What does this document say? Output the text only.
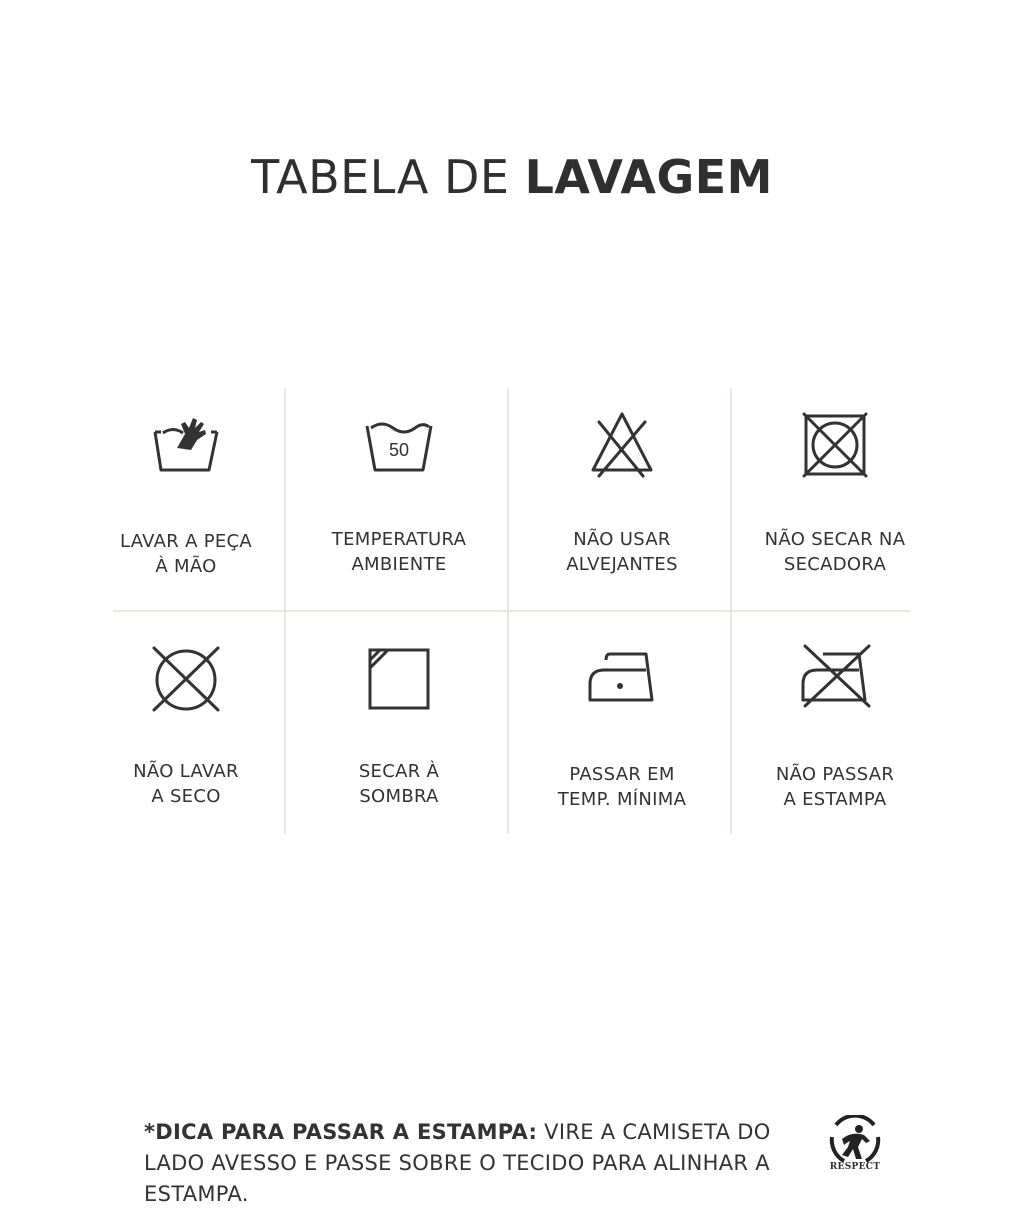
TABELA DE LAVAGEM
LAVAR A PEÇA
À MÃO
50
TEMPERATURA
AMBIENTE
NÃO USAR
ALVEJANTES
NÃO SECAR NA
SECADORA
NÃO LAVAR
A SECO
SECAR À
SOMBRA
PASSAR EM
TEMP. MÍNIMA
NÃO PASSAR
A ESTAMPA
*DICA PARA PASSAR A ESTAMPA: VIRE A CAMISETA DO LADO AVESSO E PASSE SOBRE O TECIDO PARA ALINHAR A ESTAMPA.
RESPECT
